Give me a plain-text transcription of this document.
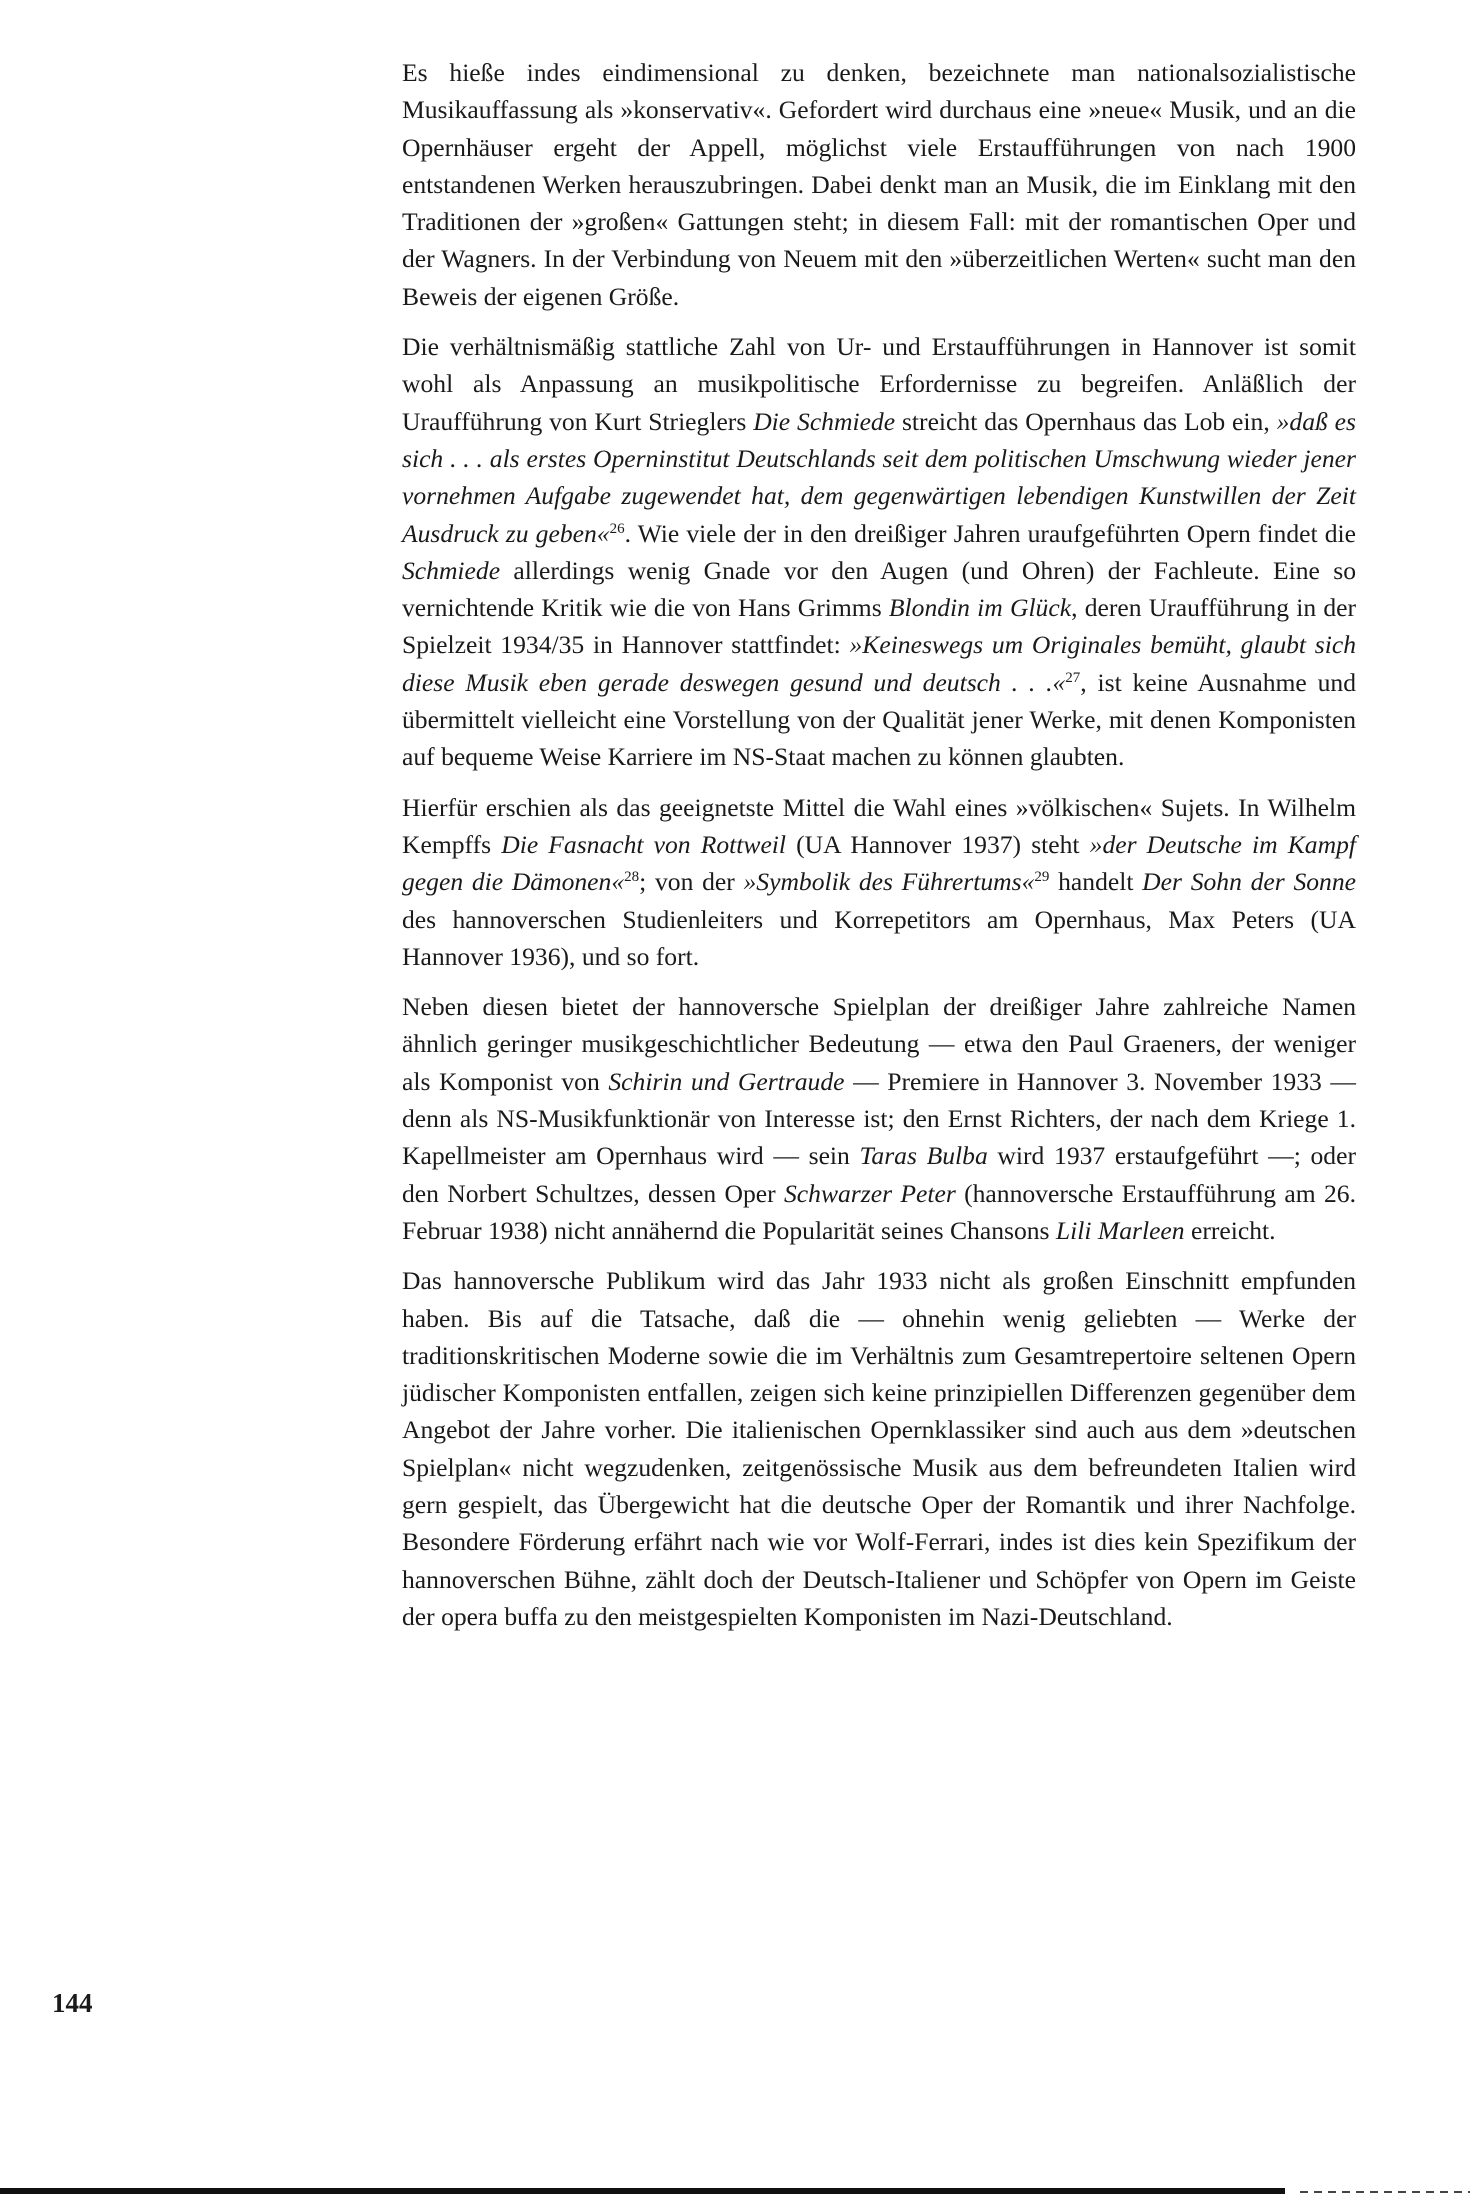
Es hieße indes eindimensional zu denken, bezeichnete man nationalsozialistische Musikauffassung als »konservativ«. Gefordert wird durchaus eine »neue« Musik, und an die Opernhäuser ergeht der Appell, möglichst viele Erstaufführungen von nach 1900 entstandenen Werken herauszubringen. Dabei denkt man an Musik, die im Einklang mit den Traditionen der »großen« Gattungen steht; in diesem Fall: mit der romantischen Oper und der Wagners. In der Verbindung von Neuem mit den »überzeitlichen Werten« sucht man den Beweis der eigenen Größe.

Die verhältnismäßig stattliche Zahl von Ur- und Erstaufführungen in Hannover ist somit wohl als Anpassung an musikpolitische Erfordernisse zu begreifen. Anläßlich der Uraufführung von Kurt Strieglers Die Schmiede streicht das Opernhaus das Lob ein, »daß es sich . . . als erstes Operninstitut Deutschlands seit dem politischen Umschwung wieder jener vornehmen Aufgabe zugewendet hat, dem gegenwärtigen lebendigen Kunstwillen der Zeit Ausdruck zu geben«$^{26}$. Wie viele der in den dreißiger Jahren uraufgeführten Opern findet die Schmiede allerdings wenig Gnade vor den Augen (und Ohren) der Fachleute. Eine so vernichtende Kritik wie die von Hans Grimms Blondin im Glück, deren Uraufführung in der Spielzeit 1934/35 in Hannover stattfindet: »Keineswegs um Originales bemüht, glaubt sich diese Musik eben gerade deswegen gesund und deutsch . . .«$^{27}$, ist keine Ausnahme und übermittelt vielleicht eine Vorstellung von der Qualität jener Werke, mit denen Komponisten auf bequeme Weise Karriere im NS-Staat machen zu können glaubten.

Hierfür erschien als das geeignetste Mittel die Wahl eines »völkischen« Sujets. In Wilhelm Kempffs Die Fasnacht von Rottweil (UA Hannover 1937) steht »der Deutsche im Kampf gegen die Dämonen«$^{28}$; von der »Symbolik des Führertums«$^{29}$ handelt Der Sohn der Sonne des hannoverschen Studienleiters und Korrepetitors am Opernhaus, Max Peters (UA Hannover 1936), und so fort.

Neben diesen bietet der hannoversche Spielplan der dreißiger Jahre zahlreiche Namen ähnlich geringer musikgeschichtlicher Bedeutung — etwa den Paul Graeners, der weniger als Komponist von Schirin und Gertraude — Premiere in Hannover 3. November 1933 — denn als NS-Musikfunktionär von Interesse ist; den Ernst Richters, der nach dem Kriege 1. Kapellmeister am Opernhaus wird — sein Taras Bulba wird 1937 erstaufgeführt —; oder den Norbert Schultzes, dessen Oper Schwarzer Peter (hannoversche Erstaufführung am 26. Februar 1938) nicht annähernd die Popularität seines Chansons Lili Marleen erreicht.

Das hannoversche Publikum wird das Jahr 1933 nicht als großen Einschnitt empfunden haben. Bis auf die Tatsache, daß die — ohnehin wenig geliebten — Werke der traditionskritischen Moderne sowie die im Verhältnis zum Gesamtrepertoire seltenen Opern jüdischer Komponisten entfallen, zeigen sich keine prinzipiellen Differenzen gegenüber dem Angebot der Jahre vorher. Die italienischen Opernklassiker sind auch aus dem »deutschen Spielplan« nicht wegzudenken, zeitgenössische Musik aus dem befreundeten Italien wird gern gespielt, das Übergewicht hat die deutsche Oper der Romantik und ihrer Nachfolge. Besondere Förderung erfährt nach wie vor Wolf-Ferrari, indes ist dies kein Spezifikum der hannoverschen Bühne, zählt doch der Deutsch-Italiener und Schöpfer von Opern im Geiste der opera buffa zu den meistgespielten Komponisten im Nazi-Deutschland.

144
